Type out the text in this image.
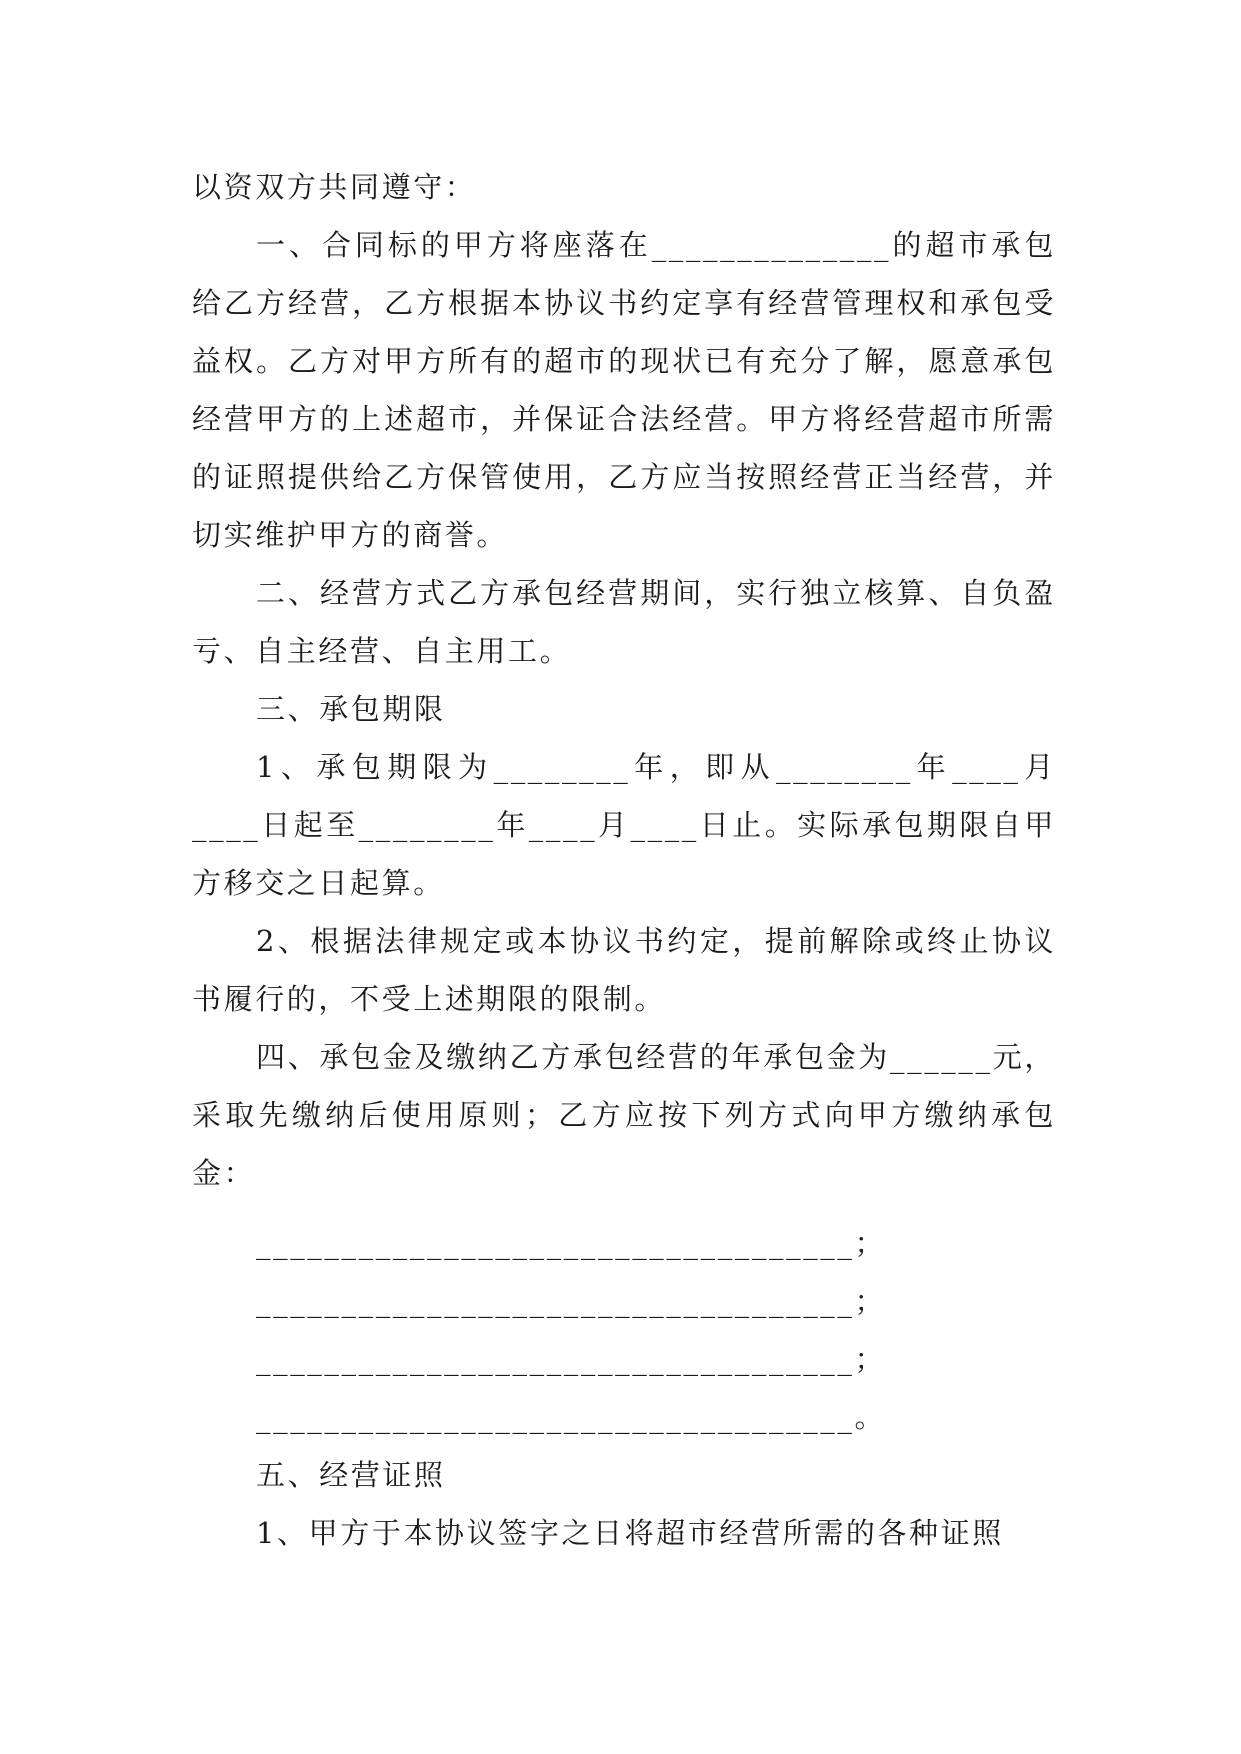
以资双方共同遵守：

一、合同标的甲方将座落在______________的超市承包给乙方经营，乙方根据本协议书约定享有经营管理权和承包受益权。乙方对甲方所有的超市的现状已有充分了解，愿意承包经营甲方的上述超市，并保证合法经营。甲方将经营超市所需的证照提供给乙方保管使用，乙方应当按照经营正当经营，并切实维护甲方的商誉。

二、经营方式乙方承包经营期间，实行独立核算、自负盈亏、自主经营、自主用工。

三、承包期限

1、承包期限为________年，即从________年____月____日起至________年____月____日止。实际承包期限自甲方移交之日起算。

2、根据法律规定或本协议书约定，提前解除或终止协议书履行的，不受上述期限的限制。

四、承包金及缴纳乙方承包经营的年承包金为______元，采取先缴纳后使用原则；乙方应按下列方式向甲方缴纳承包金：

___________________________________；

___________________________________；

___________________________________；

___________________________________。

五、经营证照

1、甲方于本协议签字之日将超市经营所需的各种证照
